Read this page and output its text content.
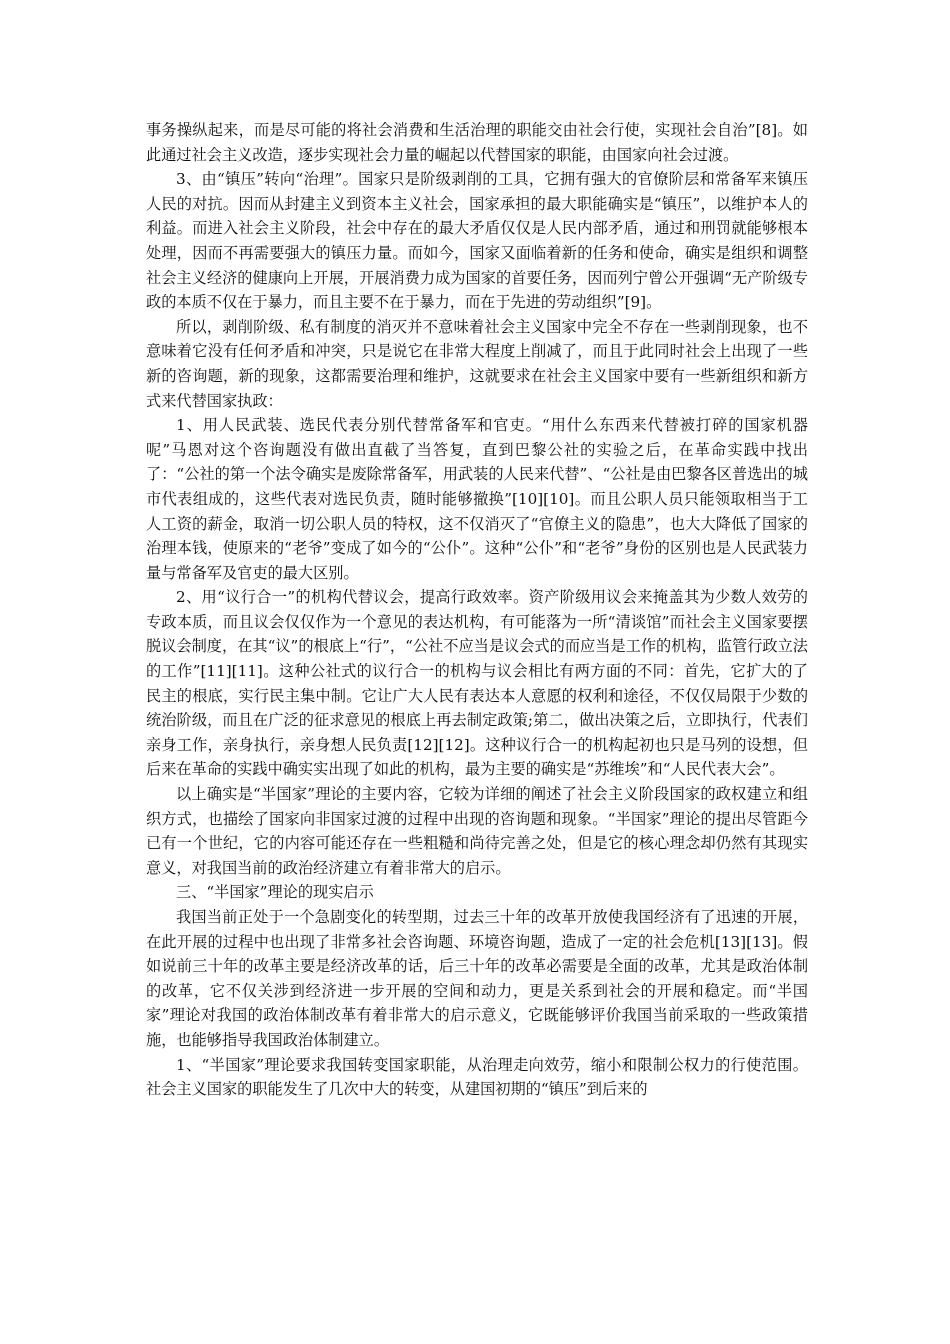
事务操纵起来，而是尽可能的将社会消费和生活治理的职能交由社会行使，实现社会自治”[8]。如此通过社会主义改造，逐步实现社会力量的崛起以代替国家的职能，由国家向社会过渡。

3、由“镇压”转向“治理”。国家只是阶级剥削的工具，它拥有强大的官僚阶层和常备军来镇压人民的对抗。因而从封建主义到资本主义社会，国家承担的最大职能确实是“镇压”，以维护本人的利益。而进入社会主义阶段，社会中存在的最大矛盾仅仅是人民内部矛盾，通过和刑罚就能够根本处理，因而不再需要强大的镇压力量。而如今，国家又面临着新的任务和使命，确实是组织和调整社会主义经济的健康向上开展，开展消费力成为国家的首要任务，因而列宁曾公开强调“无产阶级专政的本质不仅在于暴力，而且主要不在于暴力，而在于先进的劳动组织”[9]。

所以，剥削阶级、私有制度的消灭并不意味着社会主义国家中完全不存在一些剥削现象，也不意味着它没有任何矛盾和冲突，只是说它在非常大程度上削减了，而且于此同时社会上出现了一些新的咨询题，新的现象，这都需要治理和维护，这就要求在社会主义国家中要有一些新组织和新方式来代替国家执政：

1、用人民武装、选民代表分别代替常备军和官吏。“用什么东西来代替被打碎的国家机器呢”马恩对这个咨询题没有做出直截了当答复，直到巴黎公社的实验之后，在革命实践中找出了：“公社的第一个法令确实是废除常备军，用武装的人民来代替”、“公社是由巴黎各区普选出的城市代表组成的，这些代表对选民负责，随时能够撤换”[10][10]。而且公职人员只能领取相当于工人工资的薪金，取消一切公职人员的特权，这不仅消灭了“官僚主义的隐患”，也大大降低了国家的治理本钱，使原来的“老爷”变成了如今的“公仆”。这种“公仆”和“老爷”身份的区别也是人民武装力量与常备军及官吏的最大区别。

2、用“议行合一”的机构代替议会，提高行政效率。资产阶级用议会来掩盖其为少数人效劳的专政本质，而且议会仅仅作为一个意见的表达机构，有可能落为一所“清谈馆”而社会主义国家要摆脱议会制度，在其“议”的根底上“行”，“公社不应当是议会式的而应当是工作的机构，监管行政立法的工作”[11][11]。这种公社式的议行合一的机构与议会相比有两方面的不同：首先，它扩大的了民主的根底，实行民主集中制。它让广大人民有表达本人意愿的权利和途径，不仅仅局限于少数的统治阶级，而且在广泛的征求意见的根底上再去制定政策;第二，做出决策之后，立即执行，代表们亲身工作，亲身执行，亲身想人民负责[12][12]。这种议行合一的机构起初也只是马列的设想，但后来在革命的实践中确实实出现了如此的机构，最为主要的确实是“苏维埃”和“人民代表大会”。

以上确实是“半国家”理论的主要内容，它较为详细的阐述了社会主义阶段国家的政权建立和组织方式，也描绘了国家向非国家过渡的过程中出现的咨询题和现象。“半国家”理论的提出尽管距今已有一个世纪，它的内容可能还存在一些粗糙和尚待完善之处，但是它的核心理念却仍然有其现实意义，对我国当前的政治经济建立有着非常大的启示。

三、“半国家”理论的现实启示

我国当前正处于一个急剧变化的转型期，过去三十年的改革开放使我国经济有了迅速的开展，在此开展的过程中也出现了非常多社会咨询题、环境咨询题，造成了一定的社会危机[13][13]。假如说前三十年的改革主要是经济改革的话，后三十年的改革必需要是全面的改革，尤其是政治体制的改革，它不仅关涉到经济进一步开展的空间和动力，更是关系到社会的开展和稳定。而“半国家”理论对我国的政治体制改革有着非常大的启示意义，它既能够评价我国当前采取的一些政策措施，也能够指导我国政治体制建立。

1、“半国家”理论要求我国转变国家职能，从治理走向效劳，缩小和限制公权力的行使范围。社会主义国家的职能发生了几次中大的转变，从建国初期的“镇压”到后来的
